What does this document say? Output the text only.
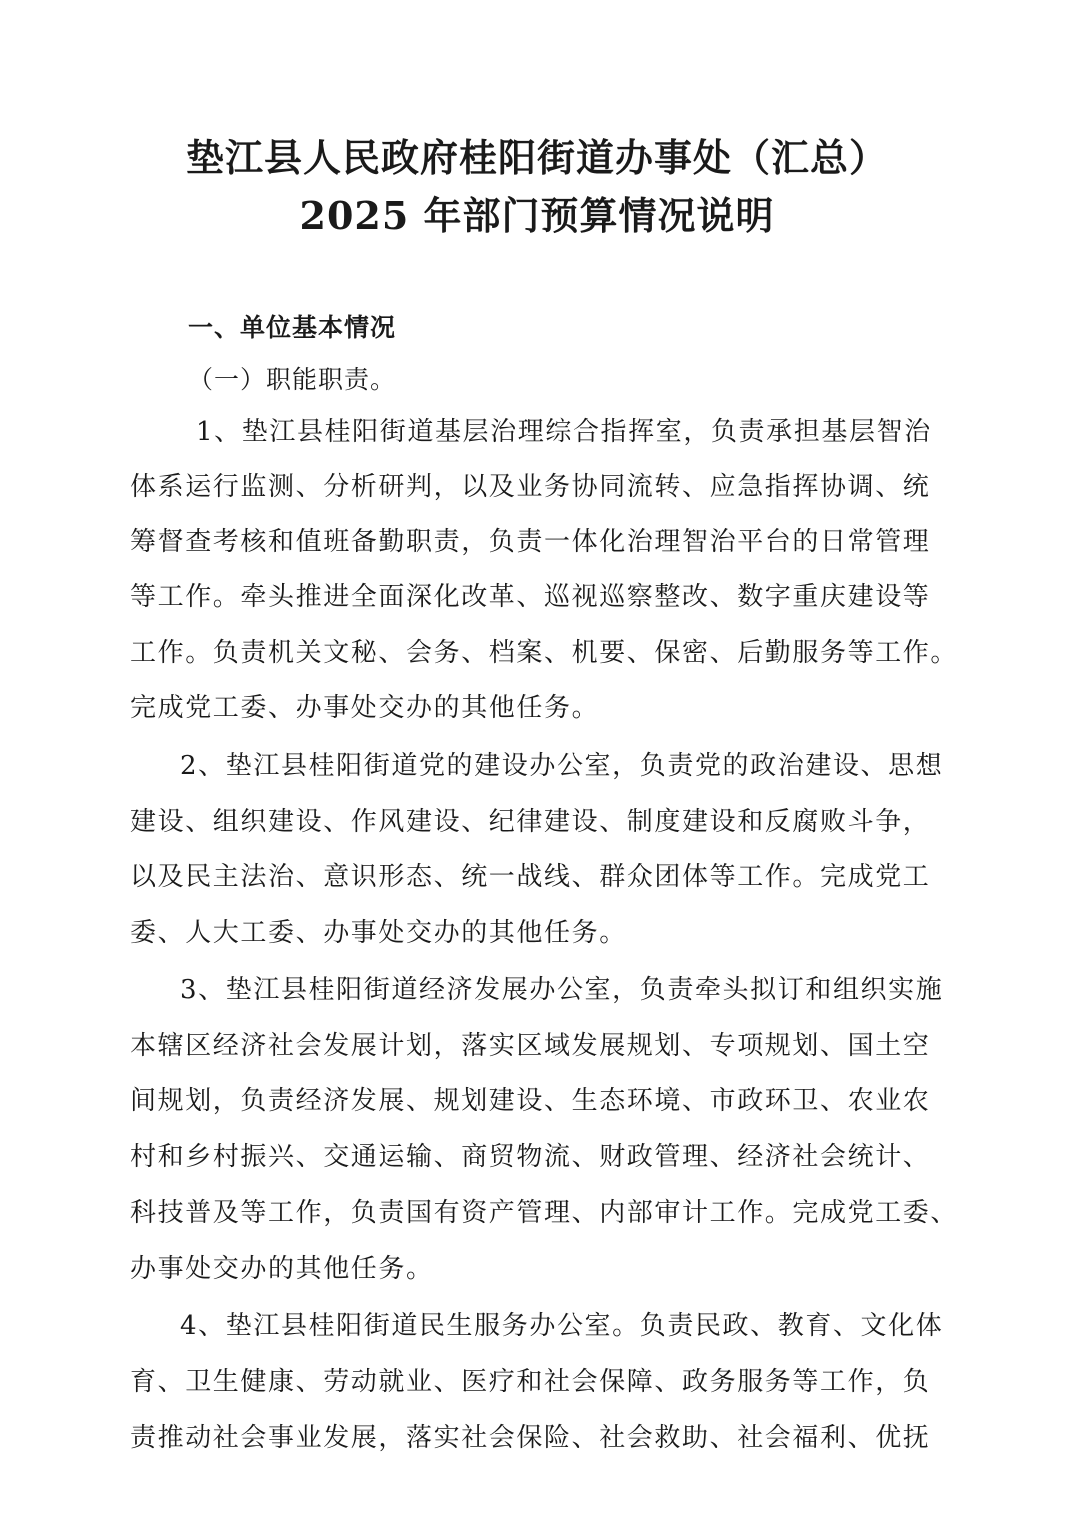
垫江县人民政府桂阳街道办事处（汇总）
2025 年部门预算情况说明
一、单位基本情况
（一）职能职责。
1、垫江县桂阳街道基层治理综合指挥室，负责承担基层智治
体系运行监测、分析研判，以及业务协同流转、应急指挥协调、统
筹督查考核和值班备勤职责，负责一体化治理智治平台的日常管理
等工作。牵头推进全面深化改革、巡视巡察整改、数字重庆建设等
工作。负责机关文秘、会务、档案、机要、保密、后勤服务等工作。
完成党工委、办事处交办的其他任务。
2、垫江县桂阳街道党的建设办公室，负责党的政治建设、思想
建设、组织建设、作风建设、纪律建设、制度建设和反腐败斗争，
以及民主法治、意识形态、统一战线、群众团体等工作。完成党工
委、人大工委、办事处交办的其他任务。
3、垫江县桂阳街道经济发展办公室，负责牵头拟订和组织实施
本辖区经济社会发展计划，落实区域发展规划、专项规划、国土空
间规划，负责经济发展、规划建设、生态环境、市政环卫、农业农
村和乡村振兴、交通运输、商贸物流、财政管理、经济社会统计、
科技普及等工作，负责国有资产管理、内部审计工作。完成党工委、
办事处交办的其他任务。
4、垫江县桂阳街道民生服务办公室。负责民政、教育、文化体
育、卫生健康、劳动就业、医疗和社会保障、政务服务等工作，负
责推动社会事业发展，落实社会保险、社会救助、社会福利、优抚
